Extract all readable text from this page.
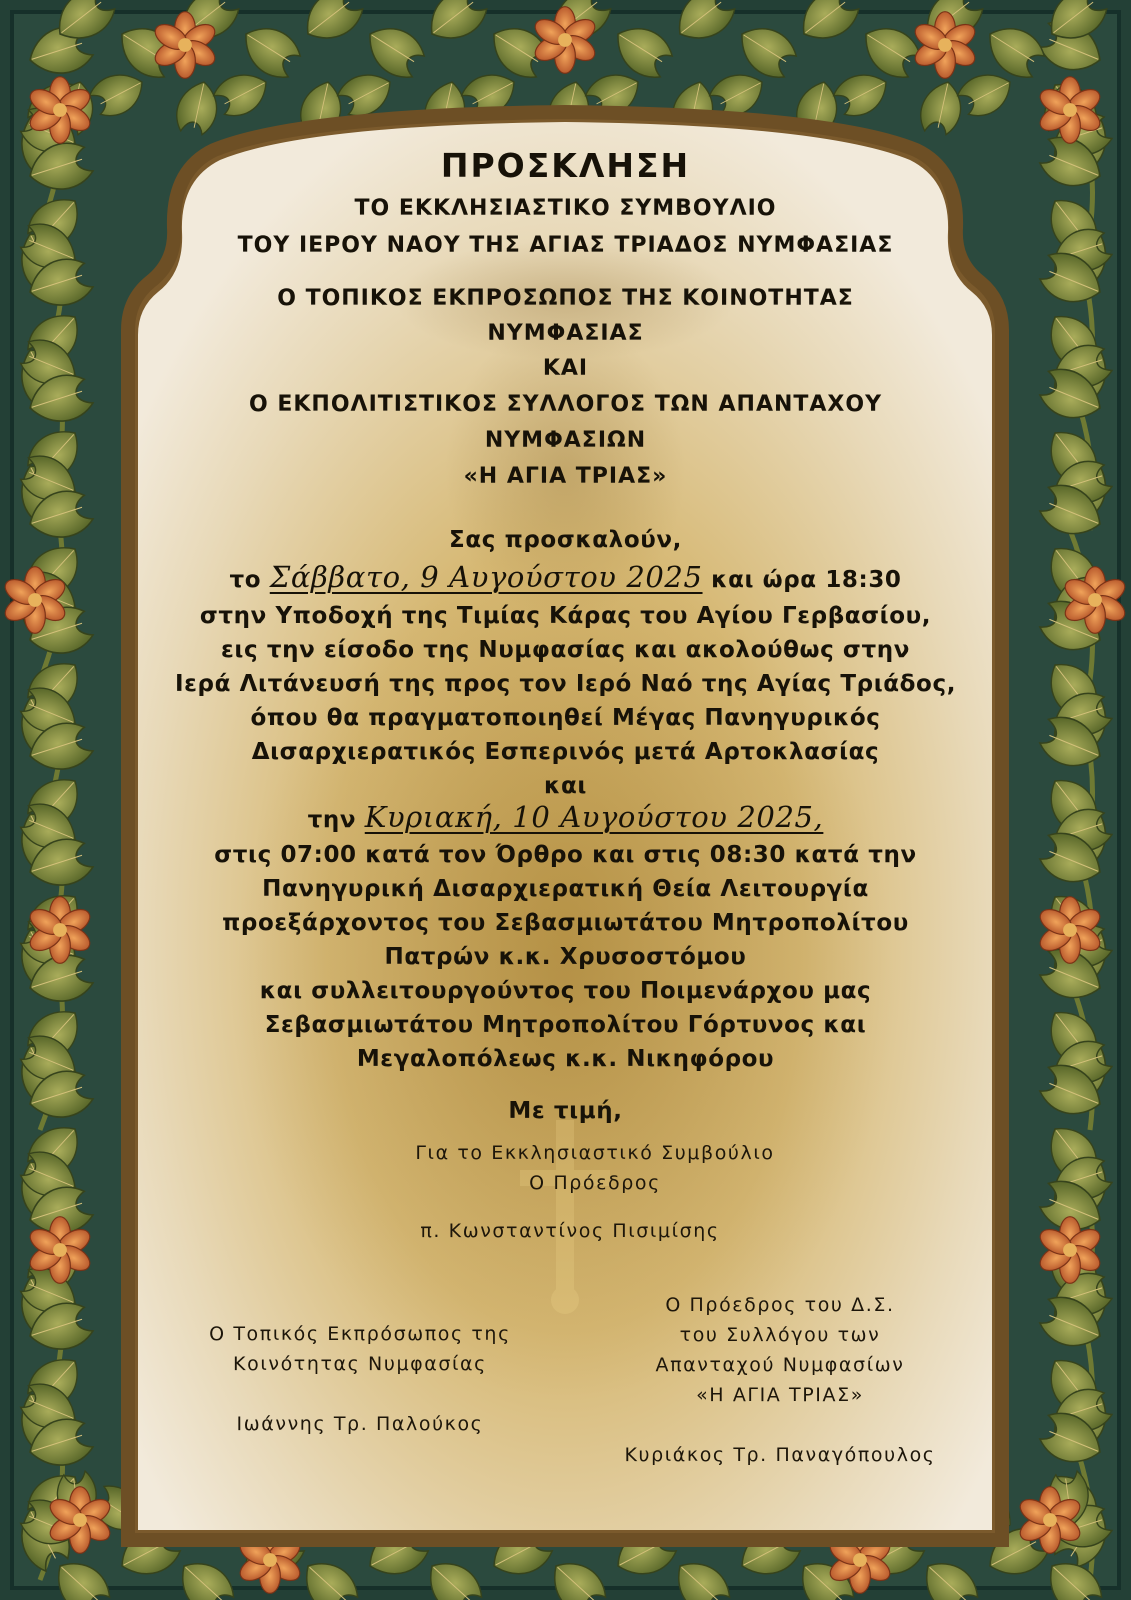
ΠΡΟΣΚΛΗΣΗ
ΤΟ ΕΚΚΛΗΣΙΑΣΤΙΚΟ ΣΥΜΒΟΥΛΙΟ
ΤΟΥ ΙΕΡΟΥ ΝΑΟΥ ΤΗΣ ΑΓΙΑΣ ΤΡΙΑΔΟΣ ΝΥΜΦΑΣΙΑΣ
Ο ΤΟΠΙΚΟΣ ΕΚΠΡΟΣΩΠΟΣ ΤΗΣ ΚΟΙΝΟΤΗΤΑΣ
ΝΥΜΦΑΣΙΑΣ
ΚΑΙ
Ο ΕΚΠΟΛΙΤΙΣΤΙΚΟΣ ΣΥΛΛΟΓΟΣ ΤΩΝ ΑΠΑΝΤΑΧΟΥ
ΝΥΜΦΑΣΙΩΝ
«Η ΑΓΙΑ ΤΡΙΑΣ»
Σας προσκαλούν,
το Σάββατο, 9 Αυγούστου 2025 και ώρα 18:30
στην Υποδοχή της Τιμίας Κάρας του Αγίου Γερβασίου,
εις την είσοδο της Νυμφασίας και ακολούθως στην
Ιερά Λιτάνευσή της προς τον Ιερό Ναό της Αγίας Τριάδος,
όπου θα πραγματοποιηθεί Μέγας Πανηγυρικός
Δισαρχιερατικός Εσπερινός μετά Αρτοκλασίας
και
την Κυριακή, 10 Αυγούστου 2025,
στις 07:00 κατά τον Όρθρο και στις 08:30 κατά την
Πανηγυρική Δισαρχιερατική Θεία Λειτουργία
προεξάρχοντος του Σεβασμιωτάτου Μητροπολίτου
Πατρών κ.κ. Χρυσοστόμου
και συλλειτουργούντος του Ποιμενάρχου μας
Σεβασμιωτάτου Μητροπολίτου Γόρτυνος και
Μεγαλοπόλεως κ.κ. Νικηφόρου
Με τιμή,
Για το Εκκλησιαστικό Συμβούλιο
Ο Πρόεδρος
π. Κωνσταντίνος Πισιμίσης
Ο Τοπικός Εκπρόσωπος της
Κοινότητας Νυμφασίας
Ιωάννης Τρ. Παλούκος
Ο Πρόεδρος του Δ.Σ.
του Συλλόγου των
Απανταχού Νυμφασίων
«Η ΑΓΙΑ ΤΡΙΑΣ»
Κυριάκος Τρ. Παναγόπουλος
